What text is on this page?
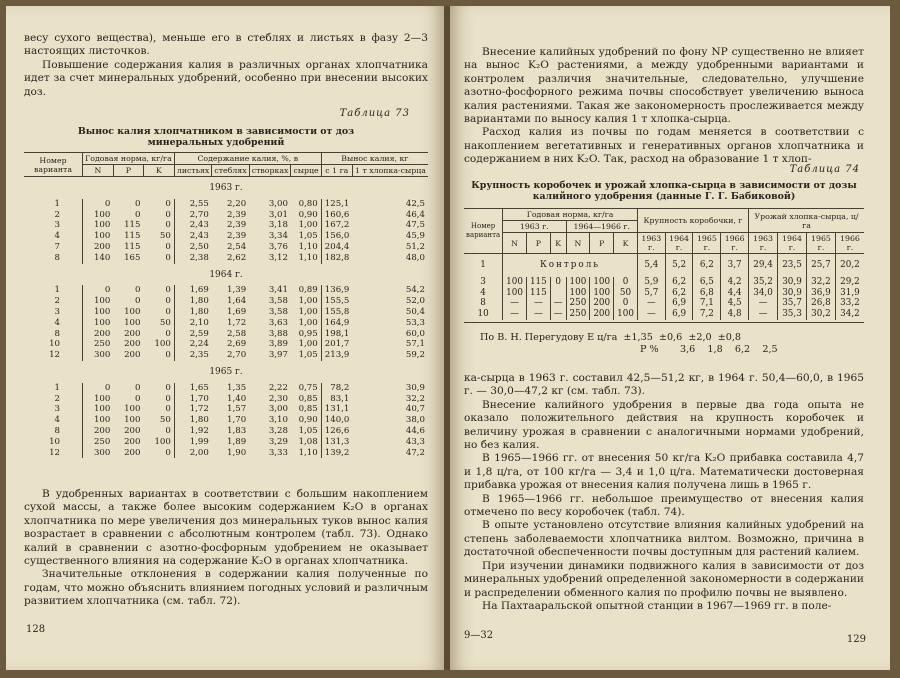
весу сухого вещества), меньше его в стеблях и листьях в фазу 2—3 настоящих листочков.

Повышение содержания калия в различных органах хлопчатника идет за счет минеральных удобрений, особенно при внесении высоких доз.

Таблица 73
Вынос калия хлопчатником в зависимости от доз минеральных удобрений
Номер варианта	Годовая норма, кг/га			Содержание калия, %, в				Вынос калия, кг	
	N	P	K	листьях	стеблях	створках	сырце	с 1 га	1 т хлопка-сырца
1963 г.									
1	0	0	0	2,55	2,20	3,00	0,80	125,1	42,5
2	100	0	0	2,70	2,39	3,01	0,90	160,6	46,4
3	100	115	0	2,43	2,39	3,18	1,00	167,2	47,5
4	100	115	50	2,43	2,39	3,34	1,05	156,0	45,9
7	200	115	0	2,50	2,54	3,76	1,10	204,4	51,2
8	140	165	0	2,38	2,62	3,12	1,10	182,8	48,0
1964 г.									
1	0	0	0	1,69	1,39	3,41	0,89	136,9	54,2
2	100	0	0	1,80	1,64	3,58	1,00	155,5	52,0
3	100	100	0	1,80	1,69	3,58	1,00	155,8	50,4
4	100	100	50	2,10	1,72	3,63	1,00	164,9	53,3
8	200	200	0	2,59	2,58	3,88	0,95	198,1	60,0
10	250	200	100	2,24	2,69	3,89	1,00	201,7	57,1
12	300	200	0	2,35	2,70	3,97	1,05	213,9	59,2
1965 г.									
1	0	0	0	1,65	1,35	2,22	0,75	78,2	30,9
2	100	0	0	1,70	1,40	2,30	0,85	83,1	32,2
3	100	100	0	1,72	1,57	3,00	0,85	131,1	40,7
4	100	100	50	1,80	1,70	3,10	0,90	140,0	38,0
8	200	200	0	1,92	1,83	3,28	1,05	126,6	44,6
10	250	200	100	1,99	1,89	3,29	1,08	131,3	43,3
12	300	200	0	2,00	1,90	3,33	1,10	139,2	47,2

В удобренных вариантах в соответствии с большим накоплением сухой массы, а также более высоким содержанием K₂O в органах хлопчатника по мере увеличения доз минеральных туков вынос калия возрастает в сравнении с абсолютным контролем (табл. 73). Однако калий в сравнении с азотно-фосфорным удобрением не оказывает существенного влияния на содержание K₂O в органах хлопчатника.

Значительные отклонения в содержании калия полученные по годам, что можно объяснить влиянием погодных условий и различным развитием хлопчатника (см. табл. 72).

128

Внесение калийных удобрений по фону NP существенно не влияет на вынос K₂O растениями, а между удобренными вариантами и контролем различия значительные, следовательно, улучшение азотно-фосфорного режима почвы способствует увеличению выноса калия растениями. Такая же закономерность прослеживается между вариантами по выносу калия 1 т хлопка-сырца.

Расход калия из почвы по годам меняется в соответствии с накоплением вегетативных и генеративных органов хлопчатника и содержанием в них K₂O. Так, расход на образование 1 т хлоп-

Таблица 74
Крупность коробочек и урожай хлопка-сырца в зависимости от дозы калийного удобрения (данные Г. Г. Бабиковой)
Номер варианта	Годовая норма, кг/га						Крупность коробочки, г				Урожай хлопка-сырца, ц/га			
	1963 г.			1964—1966 г.										
	N	P	K	N	P	K	1963 г.	1964 г.	1965 г.	1966 г.	1963 г.	1964 г.	1965 г.	1966 г.
1	Контроль						5,4	5,2	6,2	3,7	29,4	23,5	25,7	20,2
3	100	115	0	100	100	0	5,9	6,2	6,5	4,2	35,2	30,9	32,2	29,2
4	100	115		100	100	50	5,7	6,2	6,8	4,4	34,0	30,9	36,9	31,9
8	—	—	—	250	200	0	—	6,9	7,1	4,5	—	35,7	26,8	33,2
10	—	—	—	250	200	100	—	6,9	7,2	4,8	—	35,3	30,2	34,2

По В. Н. Перегудову E ц/га  ±1,35  ±0,6  ±2,0  ±0,8
P %       3,6    1,8    6,2    2,5

ка-сырца в 1963 г. составил 42,5—51,2 кг, в 1964 г. 50,4—60,0, в 1965 г. — 30,0—47,2 кг (см. табл. 73).

Внесение калийного удобрения в первые два года опыта не оказало положительного действия на крупность коробочек и величину урожая в сравнении с аналогичными нормами удобрений, но без калия.

В 1965—1966 гг. от внесения 50 кг/га K₂O прибавка составила 4,7 и 1,8 ц/га, от 100 кг/га — 3,4 и 1,0 ц/га. Математически достоверная прибавка урожая от внесения калия получена лишь в 1965 г.

В 1965—1966 гг. небольшое преимущество от внесения калия отмечено по весу коробочек (табл. 74).

В опыте установлено отсутствие влияния калийных удобрений на степень заболеваемости хлопчатника вилтом. Возможно, причина в достаточной обеспеченности почвы доступным для растений калием.

При изучении динамики подвижного калия в зависимости от доз минеральных удобрений определенной закономерности в содержании и распределении обменного калия по профилю почвы не выявлено.

На Пахтааральской опытной станции в 1967—1969 гг. в поле-

9—32	129
